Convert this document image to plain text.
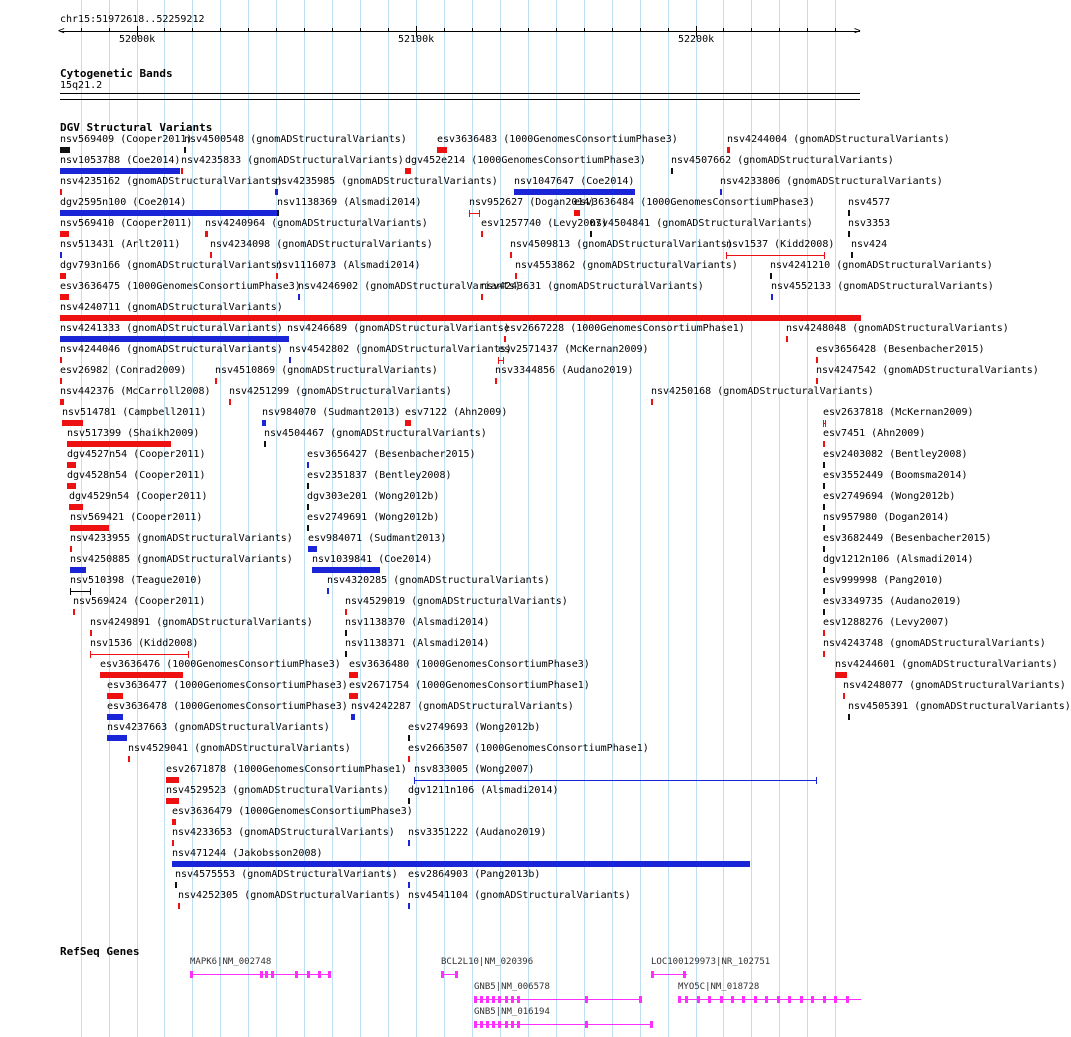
chr15:51972618..52259212
<	>
52000k	52100k	52200k
Cytogenetic Bands
15q21.2
DGV Structural Variants
nsv569409 (Cooper2011)
nsv4500548 (gnomADStructuralVariants)	esv3636483 (1000GenomesConsortiumPhase3)	nsv4244004 (gnomADStructuralVariants)
nsv1053788 (Coe2014) nsv4235833 (gnomADStructuralVariants) dgv452e214 (1000GenomesConsortiumPhase3)	nsv4507662 (gnomADStructuralVariants)
nsv4235162 (gnomADStructuralVariants)
nsv4235985 (gnomADStructuralVariants) nsv1047647 (Coe2014)	nsv4233806 (gnomADStructuralVariants)
dgv2595n100 (Coe2014)	nsv1138369 (Alsmadi2014)	nsv952627 (Dogan2014)
esv3636484 (1000GenomesConsortiumPhase3)	nsv4577
nsv569410 (Cooper2011) nsv4240964 (gnomADStructuralVariants)	esv1257740 (Levy2007)
nsv4504841 (gnomADStructuralVariants)	nsv3353
nsv513431 (Arlt2011)	nsv4234098 (gnomADStructuralVariants)	nsv4509813 (gnomADStructuralVariants)
nsv1537 (Kidd2008) nsv424
dgv793n166 (gnomADStructuralVariants)
nsv1116073 (Alsmadi2014)	nsv4553862 (gnomADStructuralVariants)	nsv4241210 (gnomADStructuralVariants)
esv3636475 (1000GenomesConsortiumPhase3)
nsv4246902 (gnomADStructuralVariants)
nsv4243631 (gnomADStructuralVariants)	nsv4552133 (gnomADStructuralVariants)
nsv4240711 (gnomADStructuralVariants)
nsv4241333 (gnomADStructuralVariants) nsv4246689 (gnomADStructuralVariants)
esv2667228 (1000GenomesConsortiumPhase1)	nsv4248048 (gnomADStructuralVariants)
nsv4244046 (gnomADStructuralVariants) nsv4542802 (gnomADStructuralVariants)
esv2571437 (McKernan2009)	esv3656428 (Besenbacher2015)
esv26982 (Conrad2009)	nsv4510869 (gnomADStructuralVariants)	nsv3344856 (Audano2019)	nsv4247542 (gnomADStructuralVariants)
nsv442376 (McCarroll2008) nsv4251299 (gnomADStructuralVariants)	nsv4250168 (gnomADStructuralVariants)
nsv514781 (Campbell2011)	nsv984070 (Sudmant2013) esv7122 (Ahn2009)	esv2637818 (McKernan2009)
nsv517399 (Shaikh2009)	nsv4504467 (gnomADStructuralVariants)	esv7451 (Ahn2009)
dgv4527n54 (Cooper2011)	esv3656427 (Besenbacher2015)	esv2403082 (Bentley2008)
dgv4528n54 (Cooper2011)	esv2351837 (Bentley2008)	esv3552449 (Boomsma2014)
dgv4529n54 (Cooper2011)	dgv303e201 (Wong2012b)	esv2749694 (Wong2012b)
nsv569421 (Cooper2011)	esv2749691 (Wong2012b)	nsv957980 (Dogan2014)
nsv4233955 (gnomADStructuralVariants) esv984071 (Sudmant2013)	esv3682449 (Besenbacher2015)
nsv4250885 (gnomADStructuralVariants) nsv1039841 (Coe2014)	dgv1212n106 (Alsmadi2014)
nsv510398 (Teague2010)	nsv4320285 (gnomADStructuralVariants)	esv999998 (Pang2010)
nsv569424 (Cooper2011)	nsv4529019 (gnomADStructuralVariants)	esv3349735 (Audano2019)
nsv4249891 (gnomADStructuralVariants)	nsv1138370 (Alsmadi2014)	esv1288276 (Levy2007)
nsv1536 (Kidd2008)	nsv1138371 (Alsmadi2014)	nsv4243748 (gnomADStructuralVariants)
esv3636476 (1000GenomesConsortiumPhase3) esv3636480 (1000GenomesConsortiumPhase3)	nsv4244601 (gnomADStructuralVariants)
esv3636477 (1000GenomesConsortiumPhase3) esv2671754 (1000GenomesConsortiumPhase1)	nsv4248077 (gnomADStructuralVariants)
esv3636478 (1000GenomesConsortiumPhase3) nsv4242287 (gnomADStructuralVariants)	nsv4505391 (gnomADStructuralVariants)
nsv4237663 (gnomADStructuralVariants)	esv2749693 (Wong2012b)
nsv4529041 (gnomADStructuralVariants)	esv2663507 (1000GenomesConsortiumPhase1)
esv2671878 (1000GenomesConsortiumPhase1) nsv833005 (Wong2007)
nsv4529523 (gnomADStructuralVariants) dgv1211n106 (Alsmadi2014)
esv3636479 (1000GenomesConsortiumPhase3)
nsv4233653 (gnomADStructuralVariants) nsv3351222 (Audano2019)
nsv471244 (Jakobsson2008)
nsv4575553 (gnomADStructuralVariants) esv2864903 (Pang2013b)
nsv4252305 (gnomADStructuralVariants) nsv4541104 (gnomADStructuralVariants)
RefSeq Genes
MAPK6|NM_002748	BCL2L10|NM_020396	LOC100129973|NR_102751
GNB5|NM_006578	MYO5C|NM_018728
GNB5|NM_016194
